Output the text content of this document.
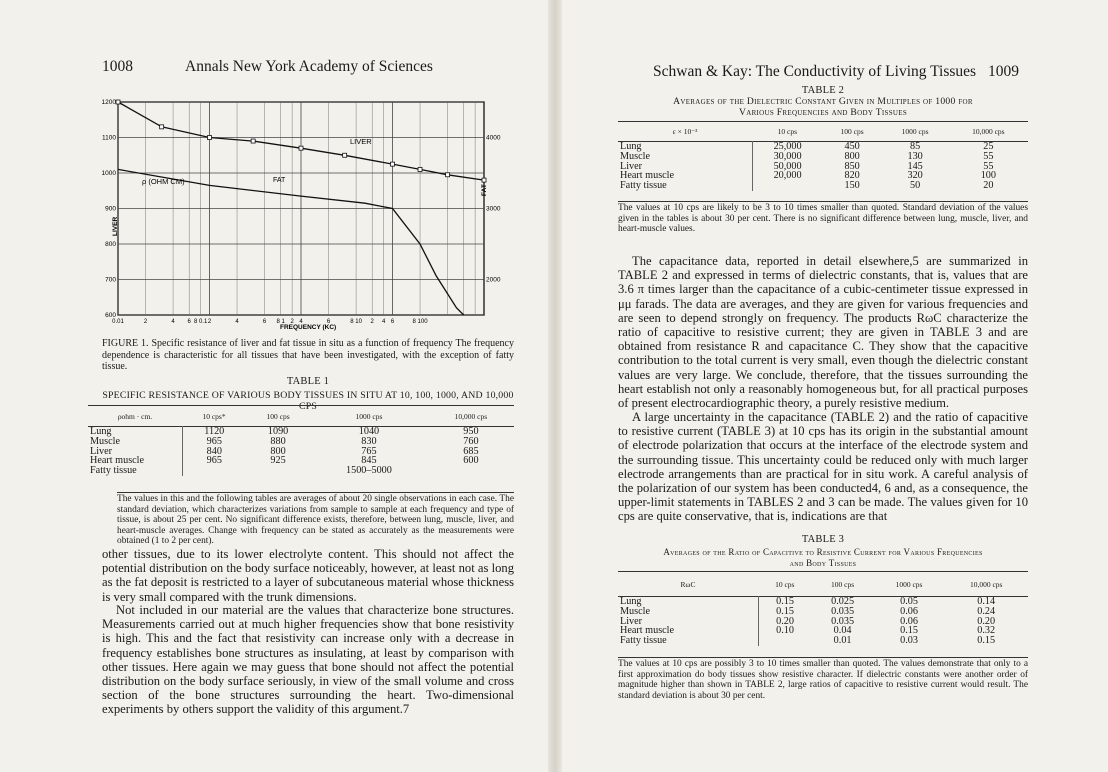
1008	Annals New York Academy of Sciences
1200
1100
1000
900
800
700
600
4000
3000
2000
0.01	2	4 6 8 0.1 2	4	6 8 1 2 4	6	8 10 2 4 6	8 100
ρ (OHM CM)
LIVER
FAT
FREQUENCY (KC)
LIVER
FAT
FIGURE 1. Specific resistance of liver and fat tissue in situ as a function of frequency The frequency dependence is characteristic for all tissues that have been investigated, with the exception of fatty tissue.
TABLE 1
SPECIFIC RESISTANCE OF VARIOUS BODY TISSUES IN SITU AT 10, 100, 1000, AND 10,000 CPS
ρohm · cm.	10 cps*	100 cps	1000 cps	10,000 cps
Lung	1120	1090	1040	950
Muscle	965	880	830	760
Liver	840	800	765	685
Heart muscle	965	925	845	600
Fatty tissue			1500–5000	

The values in this and the following tables are averages of about 20 single observations in each case. The standard deviation, which characterizes variations from sample to sample at each frequency and type of tissue, is about 25 per cent. No significant difference exists, therefore, between lung, muscle, liver, and heart-muscle averages. Change with frequency can be stated as accurately as the measurements were obtained (1 to 2 per cent).
other tissues, due to its lower electrolyte content. This should not affect the potential distribution on the body surface noticeably, however, at least not as long as the fat deposit is restricted to a layer of subcutaneous material whose thickness is very small compared with the trunk dimensions.
Not included in our material are the values that characterize bone structures. Measurements carried out at much higher frequencies show that bone resistivity is high. This and the fact that resistivity can increase only with a decrease in frequency establishes bone structures as insulating, at least by comparison with other tissues. Here again we may guess that bone should not affect the potential distribution on the body surface seriously, in view of the small volume and cross section of the bone structures surrounding the heart. Two-dimensional experiments by others support the validity of this argument.7
Schwan & Kay: The Conductivity of Living Tissues 1009
TABLE 2
Averages of the Dielectric Constant Given in Multiples of 1000 for
Various Frequencies and Body Tissues
ε × 10⁻³	10 cps	100 cps	1000 cps	10,000 cps
Lung	25,000	450	85	25
Muscle	30,000	800	130	55
Liver	50,000	850	145	55
Heart muscle	20,000	820	320	100
Fatty tissue		150	50	20

The values at 10 cps are likely to be 3 to 10 times smaller than quoted. Standard deviation of the values given in the tables is about 30 per cent. There is no significant difference between lung, muscle, liver, and heart-muscle values.
The capacitance data, reported in detail elsewhere,5 are summarized in TABLE 2 and expressed in terms of dielectric constants, that is, values that are 3.6 π times larger than the capacitance of a cubic-centimeter tissue expressed in μμ farads. The data are averages, and they are given for various frequencies and are seen to depend strongly on frequency. The products RωC characterize the ratio of capacitive to resistive current; they are given in TABLE 3 and are obtained from resistance R and capacitance C. They show that the capacitive contribution to the total current is very small, even though the dielectric constant values are very large. We conclude, therefore, that the tissues surrounding the heart establish not only a reasonably homogeneous but, for all practical purposes of present electrocardiographic theory, a purely resistive medium.
A large uncertainty in the capacitance (TABLE 2) and the ratio of capacitive to resistive current (TABLE 3) at 10 cps has its origin in the substantial amount of electrode polarization that occurs at the interface of the electrode system and the surrounding tissue. This uncertainty could be reduced only with much larger electrode arrangements than are practical for in situ work. A careful analysis of the polarization of our system has been conducted4, 6 and, as a consequence, the upper-limit statements in TABLES 2 and 3 can be made. The values given for 10 cps are quite conservative, that is, indications are that
TABLE 3
Averages of the Ratio of Capacitive to Resistive Current for Various Frequencies
and Body Tissues
RωC	10 cps	100 cps	1000 cps	10,000 cps
Lung	0.15	0.025	0.05	0.14
Muscle	0.15	0.035	0.06	0.24
Liver	0.20	0.035	0.06	0.20
Heart muscle	0.10	0.04	0.15	0.32
Fatty tissue		0.01	0.03	0.15

The values at 10 cps are possibly 3 to 10 times smaller than quoted. The values demonstrate that only to a first approximation do body tissues show resistive character. If dielectric constants were another order of magnitude higher than shown in TABLE 2, large ratios of capacitive to resistive current would result. The standard deviation is about 30 per cent.
